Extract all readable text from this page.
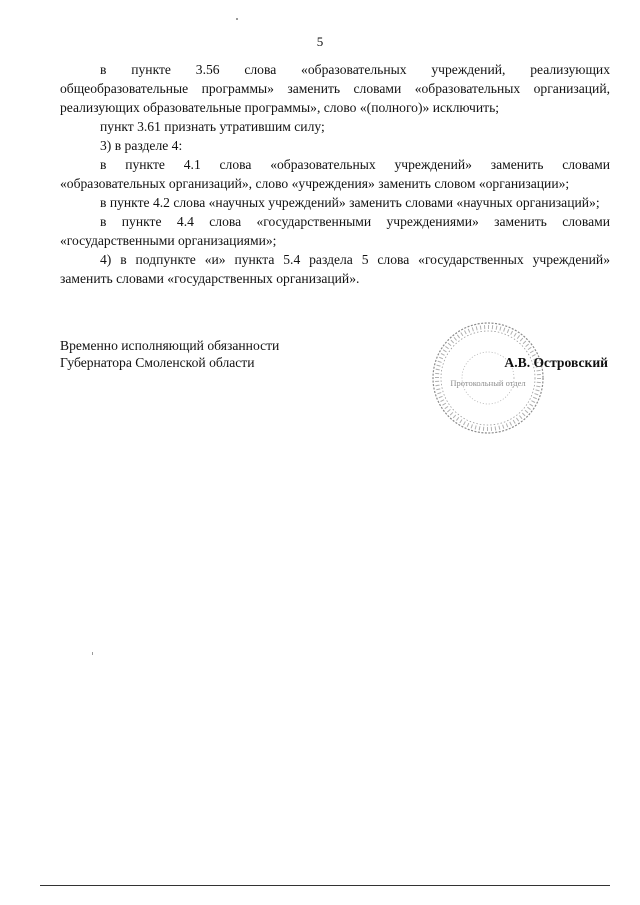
5

в пункте 3.56 слова «образовательных учреждений, реализующих общеобразовательные программы» заменить словами «образовательных организаций, реализующих образовательные программы», слово «(полного)» исключить;

пункт 3.61 признать утратившим силу;

3) в разделе 4:

в пункте 4.1 слова «образовательных учреждений» заменить словами «образовательных организаций», слово «учреждения» заменить словом «организации»;

в пункте 4.2 слова «научных учреждений» заменить словами «научных организаций»;

в пункте 4.4 слова «государственными учреждениями» заменить словами «государственными организациями»;

4) в подпункте «и» пункта 5.4 раздела 5 слова «государственных учреждений» заменить словами «государственных организаций».

Протокольный отдел
Временно исполняющий обязанности
Губернатора Смоленской области	А.В. Островский
